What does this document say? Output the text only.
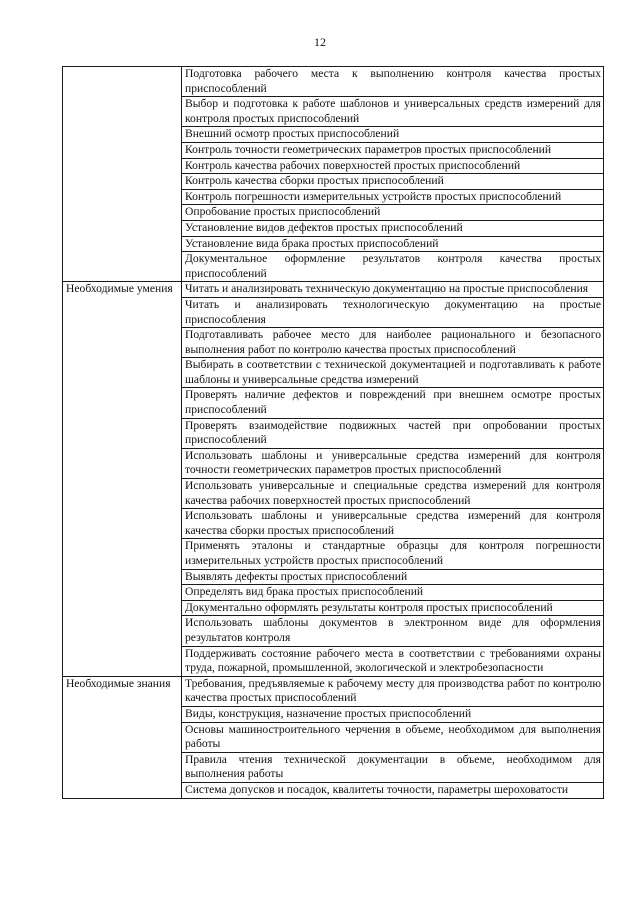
12
	Подготовка рабочего места к выполнению контроля качества простых приспособлений
	Выбор и подготовка к работе шаблонов и универсальных средств измерений для контроля простых приспособлений
	Внешний осмотр простых приспособлений
	Контроль точности геометрических параметров простых приспособлений
	Контроль качества рабочих поверхностей простых приспособлений
	Контроль качества сборки простых приспособлений
	Контроль погрешности измерительных устройств простых приспособлений
	Опробование простых приспособлений
	Установление видов дефектов простых приспособлений
	Установление вида брака простых приспособлений
	Документальное оформление результатов контроля качества простых приспособлений
Необходимые умения	Читать и анализировать техническую документацию на простые приспособления
	Читать и анализировать технологическую документацию на простые приспособления
	Подготавливать рабочее место для наиболее рационального и безопасного выполнения работ по контролю качества простых приспособлений
	Выбирать в соответствии с технической документацией и подготавливать к работе шаблоны и универсальные средства измерений
	Проверять наличие дефектов и повреждений при внешнем осмотре простых приспособлений
	Проверять взаимодействие подвижных частей при опробовании простых приспособлений
	Использовать шаблоны и универсальные средства измерений для контроля точности геометрических параметров простых приспособлений
	Использовать универсальные и специальные средства измерений для контроля качества рабочих поверхностей простых приспособлений
	Использовать шаблоны и универсальные средства измерений для контроля качества сборки простых приспособлений
	Применять эталоны и стандартные образцы для контроля погрешности измерительных устройств простых приспособлений
	Выявлять дефекты простых приспособлений
	Определять вид брака простых приспособлений
	Документально оформлять результаты контроля простых приспособлений
	Использовать шаблоны документов в электронном виде для оформления результатов контроля
	Поддерживать состояние рабочего места в соответствии с требованиями охраны труда, пожарной, промышленной, экологической и электробезопасности
Необходимые знания	Требования, предъявляемые к рабочему месту для производства работ по контролю качества простых приспособлений
	Виды, конструкция, назначение простых приспособлений
	Основы машиностроительного черчения в объеме, необходимом для выполнения работы
	Правила чтения технической документации в объеме, необходимом для выполнения работы
	Система допусков и посадок, квалитеты точности, параметры шероховатости
